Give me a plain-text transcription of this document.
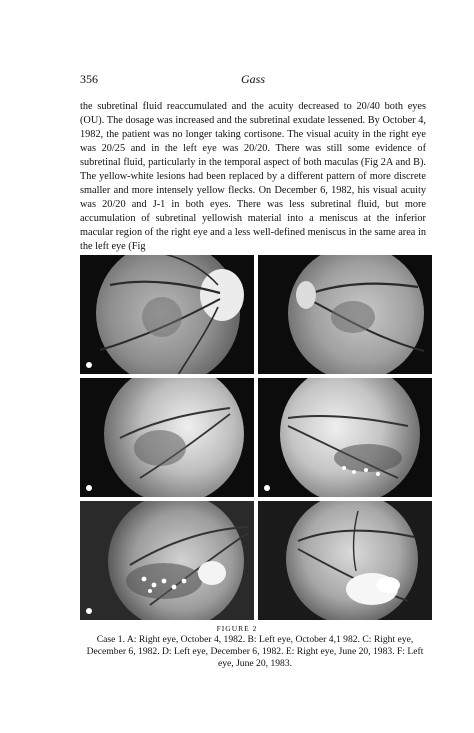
356	Gass

the subretinal fluid reaccumulated and the acuity decreased to 20/40 both eyes (OU). The dosage was increased and the subretinal exudate lessened. By October 4, 1982, the patient was no longer taking cortisone. The visual acuity in the right eye was 20/25 and in the left eye was 20/20. There was still some evidence of subretinal fluid, particularly in the temporal aspect of both maculas (Fig 2A and B). The yellow-white lesions had been replaced by a different pattern of more discrete smaller and more intensely yellow flecks. On December 6, 1982, his visual acuity was 20/20 and J-1 in both eyes. There was less subretinal fluid, but more accumulation of subretinal yellowish material into a meniscus at the inferior macular region of the right eye and a less well-defined meniscus in the same area in the left eye (Fig

FIGURE 2

Case 1. A: Right eye, October 4, 1982. B: Left eye, October 4,1 982. C: Right eye, December 6, 1982. D: Left eye, December 6, 1982. E: Right eye, June 20, 1983. F: Left eye, June 20, 1983.
